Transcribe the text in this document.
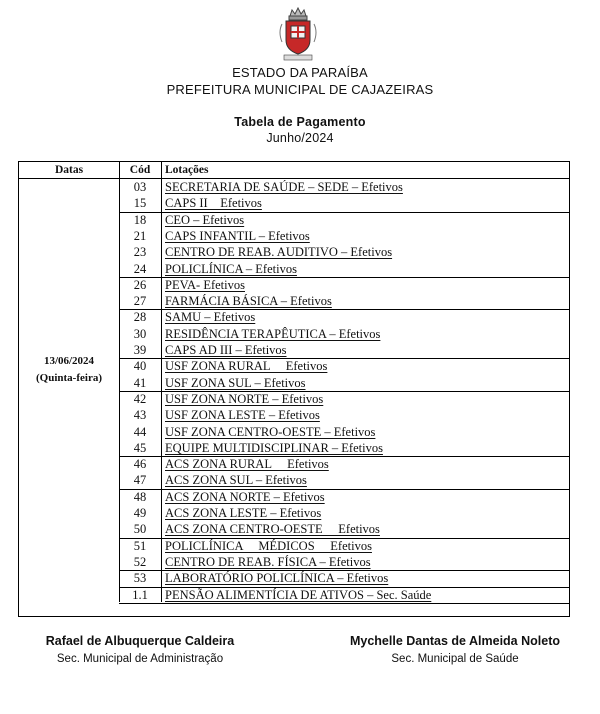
ESTADO DA PARAÍBA
PREFEITURA MUNICIPAL DE CAJAZEIRAS
Tabela de Pagamento
Junho/2024
Datas	Cód	Lotações
13/06/2024
(Quinta-feira)
03	SECRETARIA DE SAÚDE – SEDE – Efetivos
15	CAPS II    Efetivos
18	CEO – Efetivos
21	CAPS INFANTIL – Efetivos
23	CENTRO DE REAB. AUDITIVO – Efetivos
24	POLICLÍNICA – Efetivos
26	PEVA- Efetivos
27	FARMÁCIA BÁSICA – Efetivos
28	SAMU – Efetivos
30	RESIDÊNCIA TERAPÊUTICA – Efetivos
39	CAPS AD III – Efetivos
40	USF ZONA RURAL     Efetivos
41	USF ZONA SUL – Efetivos
42	USF ZONA NORTE – Efetivos
43	USF ZONA LESTE – Efetivos
44	USF ZONA CENTRO-OESTE – Efetivos
45	EQUIPE MULTIDISCIPLINAR – Efetivos
46	ACS ZONA RURAL     Efetivos
47	ACS ZONA SUL – Efetivos
48	ACS ZONA NORTE – Efetivos
49	ACS ZONA LESTE – Efetivos
50	ACS ZONA CENTRO-OESTE     Efetivos
51	POLICLÍNICA     MÉDICOS     Efetivos
52	CENTRO DE REAB. FÍSICA – Efetivos
53	LABORATÓRIO POLICLÍNICA – Efetivos
1.1	PENSÃO ALIMENTÍCIA DE ATIVOS – Sec. Saúde
Rafael de Albuquerque Caldeira
Sec. Municipal de Administração
Mychelle Dantas de Almeida Noleto
Sec. Municipal de Saúde
